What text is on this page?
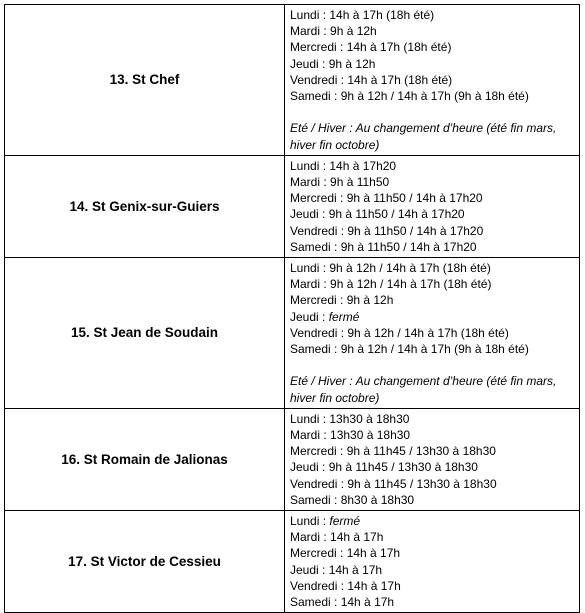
13. St Chef
Lundi : 14h à 17h (18h été)
Mardi : 9h à 12h
Mercredi : 14h à 17h (18h été)
Jeudi : 9h à 12h
Vendredi : 14h à 17h (18h été)
Samedi : 9h à 12h / 14h à 17h (9h à 18h été)
Eté / Hiver : Au changement d’heure (été fin mars, hiver fin octobre)
14. St Genix-sur-Guiers
Lundi : 14h à 17h20
Mardi : 9h à 11h50
Mercredi : 9h à 11h50 / 14h à 17h20
Jeudi : 9h à 11h50 / 14h à 17h20
Vendredi : 9h à 11h50 / 14h à 17h20
Samedi : 9h à 11h50 / 14h à 17h20
15. St Jean de Soudain
Lundi : 9h à 12h / 14h à 17h (18h été)
Mardi : 9h à 12h / 14h à 17h (18h été)
Mercredi : 9h à 12h
Jeudi : fermé
Vendredi : 9h à 12h / 14h à 17h (18h été)
Samedi : 9h à 12h / 14h à 17h (9h à 18h été)
Eté / Hiver : Au changement d’heure (été fin mars, hiver fin octobre)
16. St Romain de Jalionas
Lundi : 13h30 à 18h30
Mardi : 13h30 à 18h30
Mercredi : 9h à 11h45 / 13h30 à 18h30
Jeudi : 9h à 11h45 / 13h30 à 18h30
Vendredi : 9h à 11h45 / 13h30 à 18h30
Samedi : 8h30 à 18h30
17. St Victor de Cessieu
Lundi : fermé
Mardi : 14h à 17h
Mercredi : 14h à 17h
Jeudi : 14h à 17h
Vendredi : 14h à 17h
Samedi : 14h à 17h
